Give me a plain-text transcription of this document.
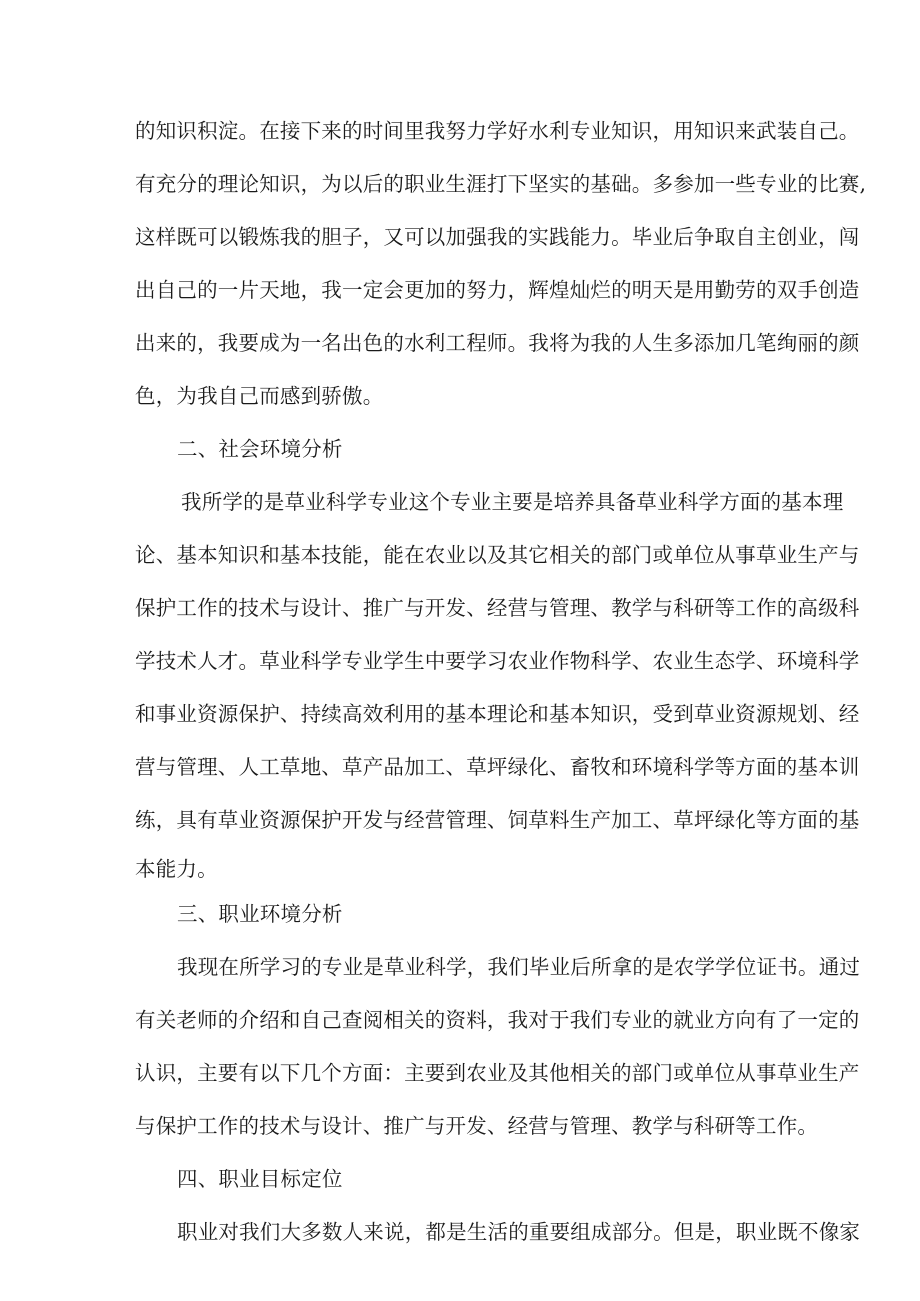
的知识积淀。在接下来的时间里我努力学好水利专业知识，用知识来武装自己。
有充分的理论知识，为以后的职业生涯打下坚实的基础。多参加一些专业的比赛,
这样既可以锻炼我的胆子，又可以加强我的实践能力。毕业后争取自主创业，闯
出自己的一片天地，我一定会更加的努力，辉煌灿烂的明天是用勤劳的双手创造
出来的，我要成为一名出色的水利工程师。我将为我的人生多添加几笔绚丽的颜
色，为我自己而感到骄傲。
二、社会环境分析
我所学的是草业科学专业这个专业主要是培养具备草业科学方面的基本理
论、基本知识和基本技能，能在农业以及其它相关的部门或单位从事草业生产与
保护工作的技术与设计、推广与开发、经营与管理、教学与科研等工作的高级科
学技术人才。草业科学专业学生中要学习农业作物科学、农业生态学、环境科学
和事业资源保护、持续高效利用的基本理论和基本知识，受到草业资源规划、经
营与管理、人工草地、草产品加工、草坪绿化、畜牧和环境科学等方面的基本训
练，具有草业资源保护开发与经营管理、饲草料生产加工、草坪绿化等方面的基
本能力。
三、职业环境分析
我现在所学习的专业是草业科学，我们毕业后所拿的是农学学位证书。通过
有关老师的介绍和自己查阅相关的资料，我对于我们专业的就业方向有了一定的
认识，主要有以下几个方面：主要到农业及其他相关的部门或单位从事草业生产
与保护工作的技术与设计、推广与开发、经营与管理、教学与科研等工作。
四、职业目标定位
职业对我们大多数人来说，都是生活的重要组成部分。但是，职业既不像家
